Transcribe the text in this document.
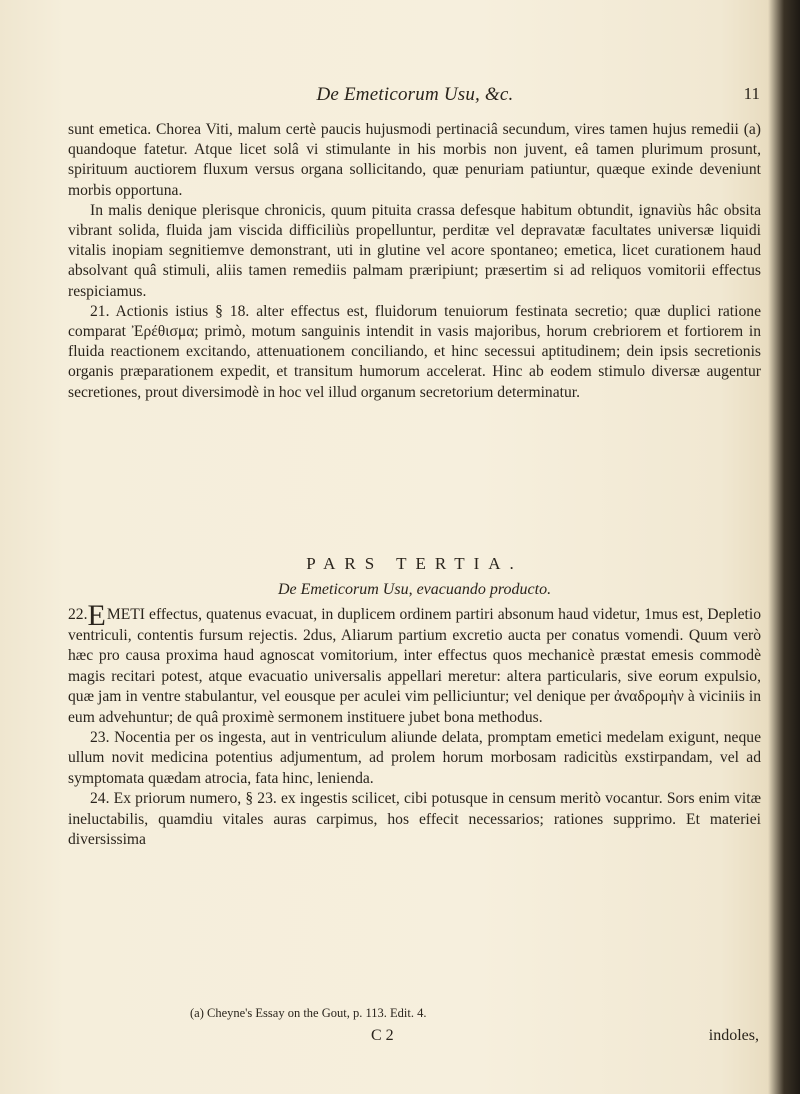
De Emeticorum Usu, &c.	11

sunt emetica. Chorea Viti, malum certè paucis hujusmodi pertinaciâ secundum, vires tamen hujus remedii (a) quandoque fatetur. Atque licet solâ vi stimulante in his morbis non juvent, eâ tamen plurimum prosunt, spirituum auctiorem fluxum versus organa sollicitando, quæ penuriam patiuntur, quæque exinde deveniunt morbis opportuna.

In malis denique plerisque chronicis, quum pituita crassa defesque habitum obtundit, ignaviùs hâc obsita vibrant solida, fluida jam viscida difficiliùs propelluntur, perditæ vel depravatæ facultates universæ liquidi vitalis inopiam segnitiemve demonstrant, uti in glutine vel acore spontaneo; emetica, licet curationem haud absolvant quâ stimuli, aliis tamen remediis palmam præripiunt; præsertim si ad reliquos vomitorii effectus respiciamus.

21. Actionis istius § 18. alter effectus est, fluidorum tenuiorum festinata secretio; quæ duplici ratione comparat Ἐρέθισμα; primò, motum sanguinis intendit in vasis majoribus, horum crebriorem et fortiorem in fluida reactionem excitando, attenuationem conciliando, et hinc secessui aptitudinem; dein ipsis secretionis organis præparationem expedit, et transitum humorum accelerat. Hinc ab eodem stimulo diversæ augentur secretiones, prout diversimodè in hoc vel illud organum secretorium determinatur.

PARS TERTIA.
De Emeticorum Usu, evacuando producto.

22.EMETI effectus, quatenus evacuat, in duplicem ordinem partiri absonum haud videtur, 1mus est, Depletio ventriculi, contentis fursum rejectis. 2dus, Aliarum partium excretio aucta per conatus vomendi. Quum verò hæc pro causa proxima haud agnoscat vomitorium, inter effectus quos mechanicè præstat emesis commodè magis recitari potest, atque evacuatio universalis appellari meretur: altera particularis, sive eorum expulsio, quæ jam in ventre stabulantur, vel eousque per aculei vim pelliciuntur; vel denique per ἀναδρομὴν à viciniis in eum advehuntur; de quâ proximè sermonem instituere jubet bona methodus.

23. Nocentia per os ingesta, aut in ventriculum aliunde delata, promptam emetici medelam exigunt, neque ullum novit medicina potentius adjumentum, ad prolem horum morbosam radicitùs exstirpandam, vel ad symptomata quædam atrocia, fata hinc, lenienda.

24. Ex priorum numero, § 23. ex ingestis scilicet, cibi potusque in censum meritò vocantur. Sors enim vitæ ineluctabilis, quamdiu vitales auras carpimus, hos effecit necessarios; rationes supprimo. Et materiei diversissima

(a) Cheyne's Essay on the Gout, p. 113. Edit. 4.
C 2	indoles,
